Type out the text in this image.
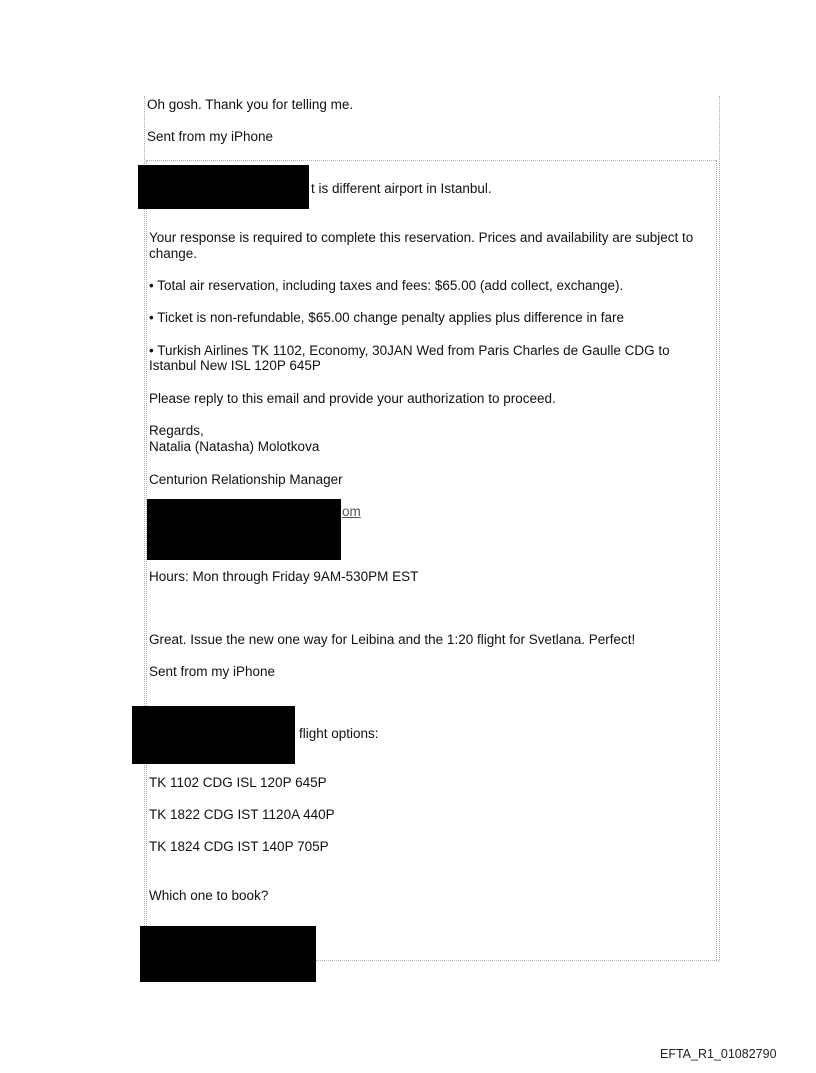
Oh gosh. Thank you for telling me.
Sent from my iPhone
t is different airport in Istanbul.
Your response is required to complete this reservation. Prices and availability are subject to change.
• Total air reservation, including taxes and fees: $65.00 (add collect, exchange).
• Ticket is non-refundable, $65.00 change penalty applies plus difference in fare
• Turkish Airlines TK 1102, Economy, 30JAN Wed from Paris Charles de Gaulle CDG to
Istanbul New ISL 120P 645P
Please reply to this email and provide your authorization to proceed.
Regards,
Natalia (Natasha) Molotkova
Centurion Relationship Manager
om
Hours: Mon through Friday 9AM-530PM EST
Great. Issue the new one way for Leibina and the 1:20 flight for Svetlana. Perfect!
Sent from my iPhone
flight options:
TK 1102 CDG ISL 120P 645P
TK 1822 CDG IST 1120A 440P
TK 1824 CDG IST 140P 705P
Which one to book?
EFTA_R1_01082790
